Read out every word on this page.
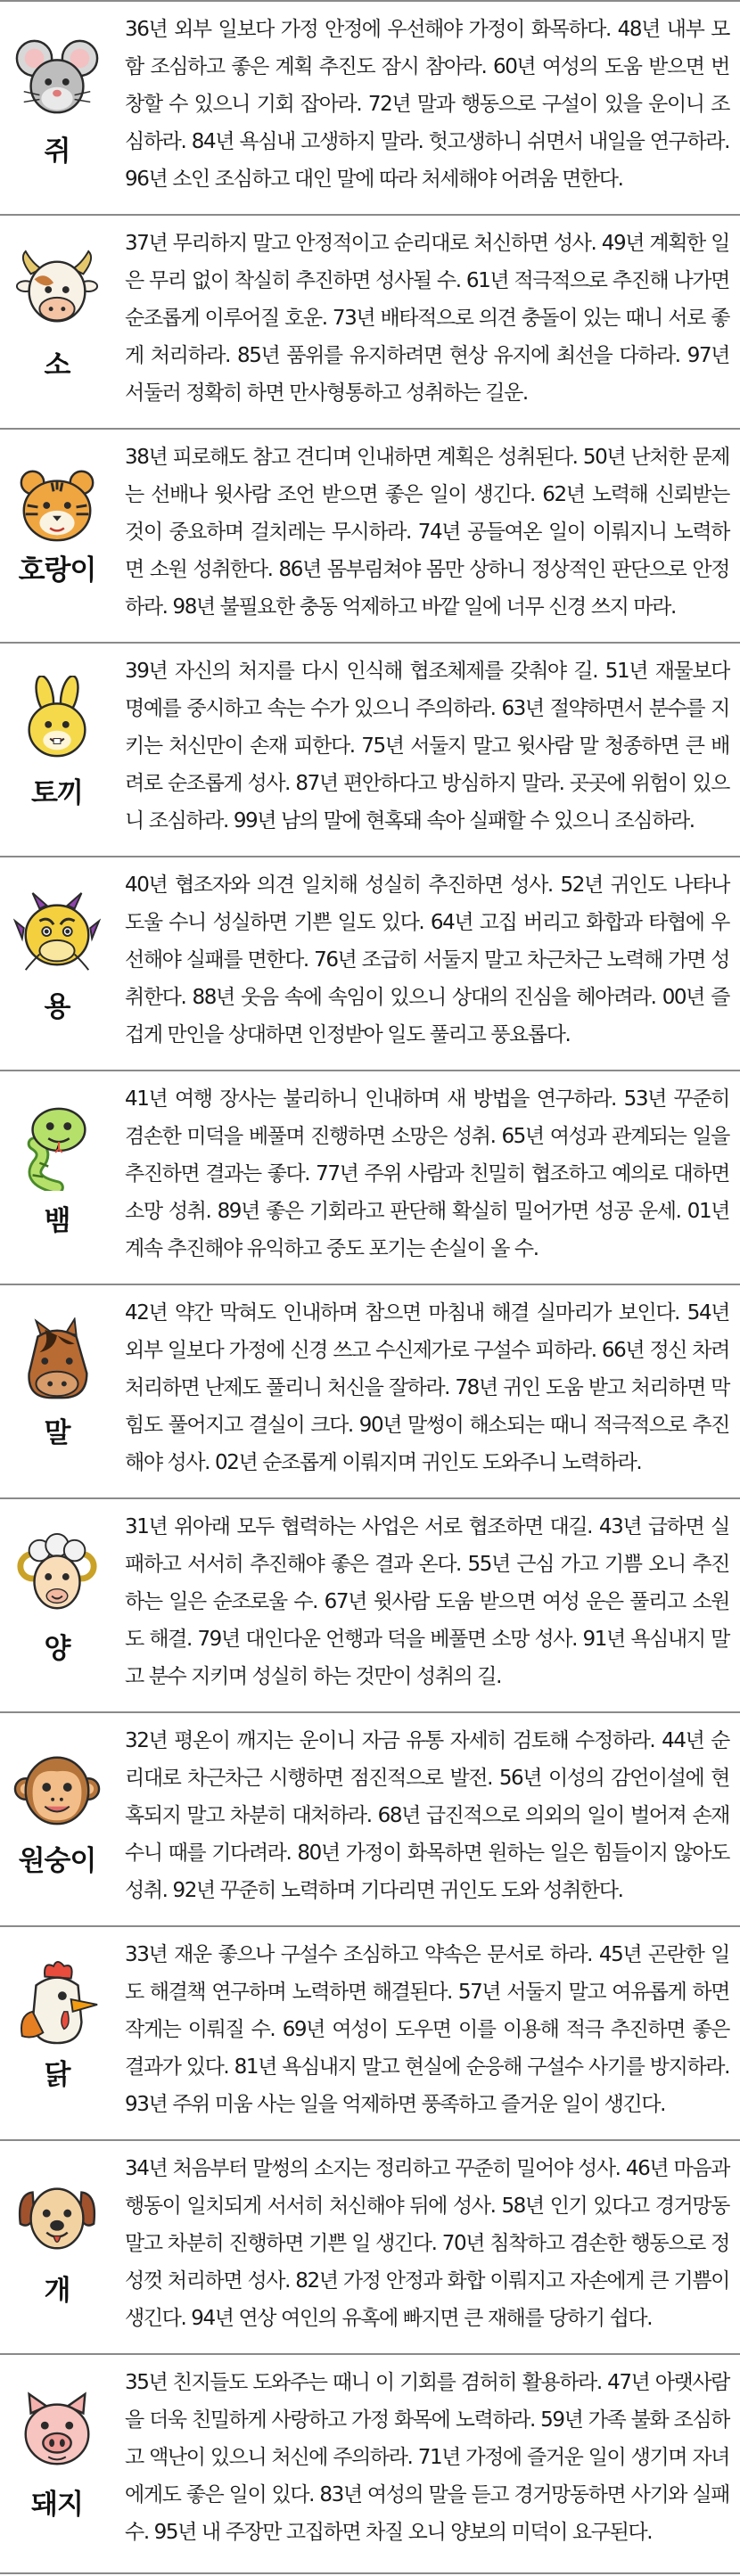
쥐

36년 외부 일보다 가정 안정에 우선해야 가정이 화목하다. 48년 내부 모함 조심하고 좋은 계획 추진도 잠시 참아라. 60년 여성의 도움 받으면 번창할 수 있으니 기회 잡아라. 72년 말과 행동으로 구설이 있을 운이니 조심하라. 84년 욕심내 고생하지 말라. 헛고생하니 쉬면서 내일을 연구하라. 96년 소인 조심하고 대인 말에 따라 처세해야 어려움 면한다.

소

37년 무리하지 말고 안정적이고 순리대로 처신하면 성사. 49년 계획한 일은 무리 없이 착실히 추진하면 성사될 수. 61년 적극적으로 추진해 나가면 순조롭게 이루어질 호운. 73년 배타적으로 의견 충돌이 있는 때니 서로 좋게 처리하라. 85년 품위를 유지하려면 현상 유지에 최선을 다하라. 97년 서둘러 정확히 하면 만사형통하고 성취하는 길운.

호랑이

38년 피로해도 참고 견디며 인내하면 계획은 성취된다. 50년 난처한 문제는 선배나 윗사람 조언 받으면 좋은 일이 생긴다. 62년 노력해 신뢰받는 것이 중요하며 걸치레는 무시하라. 74년 공들여온 일이 이뤄지니 노력하면 소원 성취한다. 86년 몸부림쳐야 몸만 상하니 정상적인 판단으로 안정하라. 98년 불필요한 충동 억제하고 바깥 일에 너무 신경 쓰지 마라.

토끼

39년 자신의 처지를 다시 인식해 협조체제를 갖춰야 길. 51년 재물보다 명예를 중시하고 속는 수가 있으니 주의하라. 63년 절약하면서 분수를 지키는 처신만이 손재 피한다. 75년 서둘지 말고 윗사람 말 청종하면 큰 배려로 순조롭게 성사. 87년 편안하다고 방심하지 말라. 곳곳에 위험이 있으니 조심하라. 99년 남의 말에 현혹돼 속아 실패할 수 있으니 조심하라.

용

40년 협조자와 의견 일치해 성실히 추진하면 성사. 52년 귀인도 나타나 도울 수니 성실하면 기쁜 일도 있다. 64년 고집 버리고 화합과 타협에 우선해야 실패를 면한다. 76년 조급히 서둘지 말고 차근차근 노력해 가면 성취한다. 88년 웃음 속에 속임이 있으니 상대의 진심을 헤아려라. 00년 즐겁게 만인을 상대하면 인정받아 일도 풀리고 풍요롭다.

뱀

41년 여행 장사는 불리하니 인내하며 새 방법을 연구하라. 53년 꾸준히 겸손한 미덕을 베풀며 진행하면 소망은 성취. 65년 여성과 관계되는 일을 추진하면 결과는 좋다. 77년 주위 사람과 친밀히 협조하고 예의로 대하면 소망 성취. 89년 좋은 기회라고 판단해 확실히 밀어가면 성공 운세. 01년 계속 추진해야 유익하고 중도 포기는 손실이 올 수.

말

42년 약간 막혀도 인내하며 참으면 마침내 해결 실마리가 보인다. 54년 외부 일보다 가정에 신경 쓰고 수신제가로 구설수 피하라. 66년 정신 차려 처리하면 난제도 풀리니 처신을 잘하라. 78년 귀인 도움 받고 처리하면 막힘도 풀어지고 결실이 크다. 90년 말썽이 해소되는 때니 적극적으로 추진해야 성사. 02년 순조롭게 이뤄지며 귀인도 도와주니 노력하라.

양

31년 위아래 모두 협력하는 사업은 서로 협조하면 대길. 43년 급하면 실패하고 서서히 추진해야 좋은 결과 온다. 55년 근심 가고 기쁨 오니 추진하는 일은 순조로울 수. 67년 윗사람 도움 받으면 여성 운은 풀리고 소원도 해결. 79년 대인다운 언행과 덕을 베풀면 소망 성사. 91년 욕심내지 말고 분수 지키며 성실히 하는 것만이 성취의 길.

원숭이

32년 평온이 깨지는 운이니 자금 유통 자세히 검토해 수정하라. 44년 순리대로 차근차근 시행하면 점진적으로 발전. 56년 이성의 감언이설에 현혹되지 말고 차분히 대처하라. 68년 급진적으로 의외의 일이 벌어져 손재수니 때를 기다려라. 80년 가정이 화목하면 원하는 일은 힘들이지 않아도 성취. 92년 꾸준히 노력하며 기다리면 귀인도 도와 성취한다.

닭

33년 재운 좋으나 구설수 조심하고 약속은 문서로 하라. 45년 곤란한 일도 해결책 연구하며 노력하면 해결된다. 57년 서둘지 말고 여유롭게 하면 작게는 이뤄질 수. 69년 여성이 도우면 이를 이용해 적극 추진하면 좋은 결과가 있다. 81년 욕심내지 말고 현실에 순응해 구설수 사기를 방지하라. 93년 주위 미움 사는 일을 억제하면 풍족하고 즐거운 일이 생긴다.

개

34년 처음부터 말썽의 소지는 정리하고 꾸준히 밀어야 성사. 46년 마음과 행동이 일치되게 서서히 처신해야 뒤에 성사. 58년 인기 있다고 경거망동 말고 차분히 진행하면 기쁜 일 생긴다. 70년 침착하고 겸손한 행동으로 정성껏 처리하면 성사. 82년 가정 안정과 화합 이뤄지고 자손에게 큰 기쁨이 생긴다. 94년 연상 여인의 유혹에 빠지면 큰 재해를 당하기 쉽다.

돼지

35년 친지들도 도와주는 때니 이 기회를 겸허히 활용하라. 47년 아랫사람을 더욱 친밀하게 사랑하고 가정 화목에 노력하라. 59년 가족 불화 조심하고 액난이 있으니 처신에 주의하라. 71년 가정에 즐거운 일이 생기며 자녀에게도 좋은 일이 있다. 83년 여성의 말을 듣고 경거망동하면 사기와 실패수. 95년 내 주장만 고집하면 차질 오니 양보의 미덕이 요구된다.
